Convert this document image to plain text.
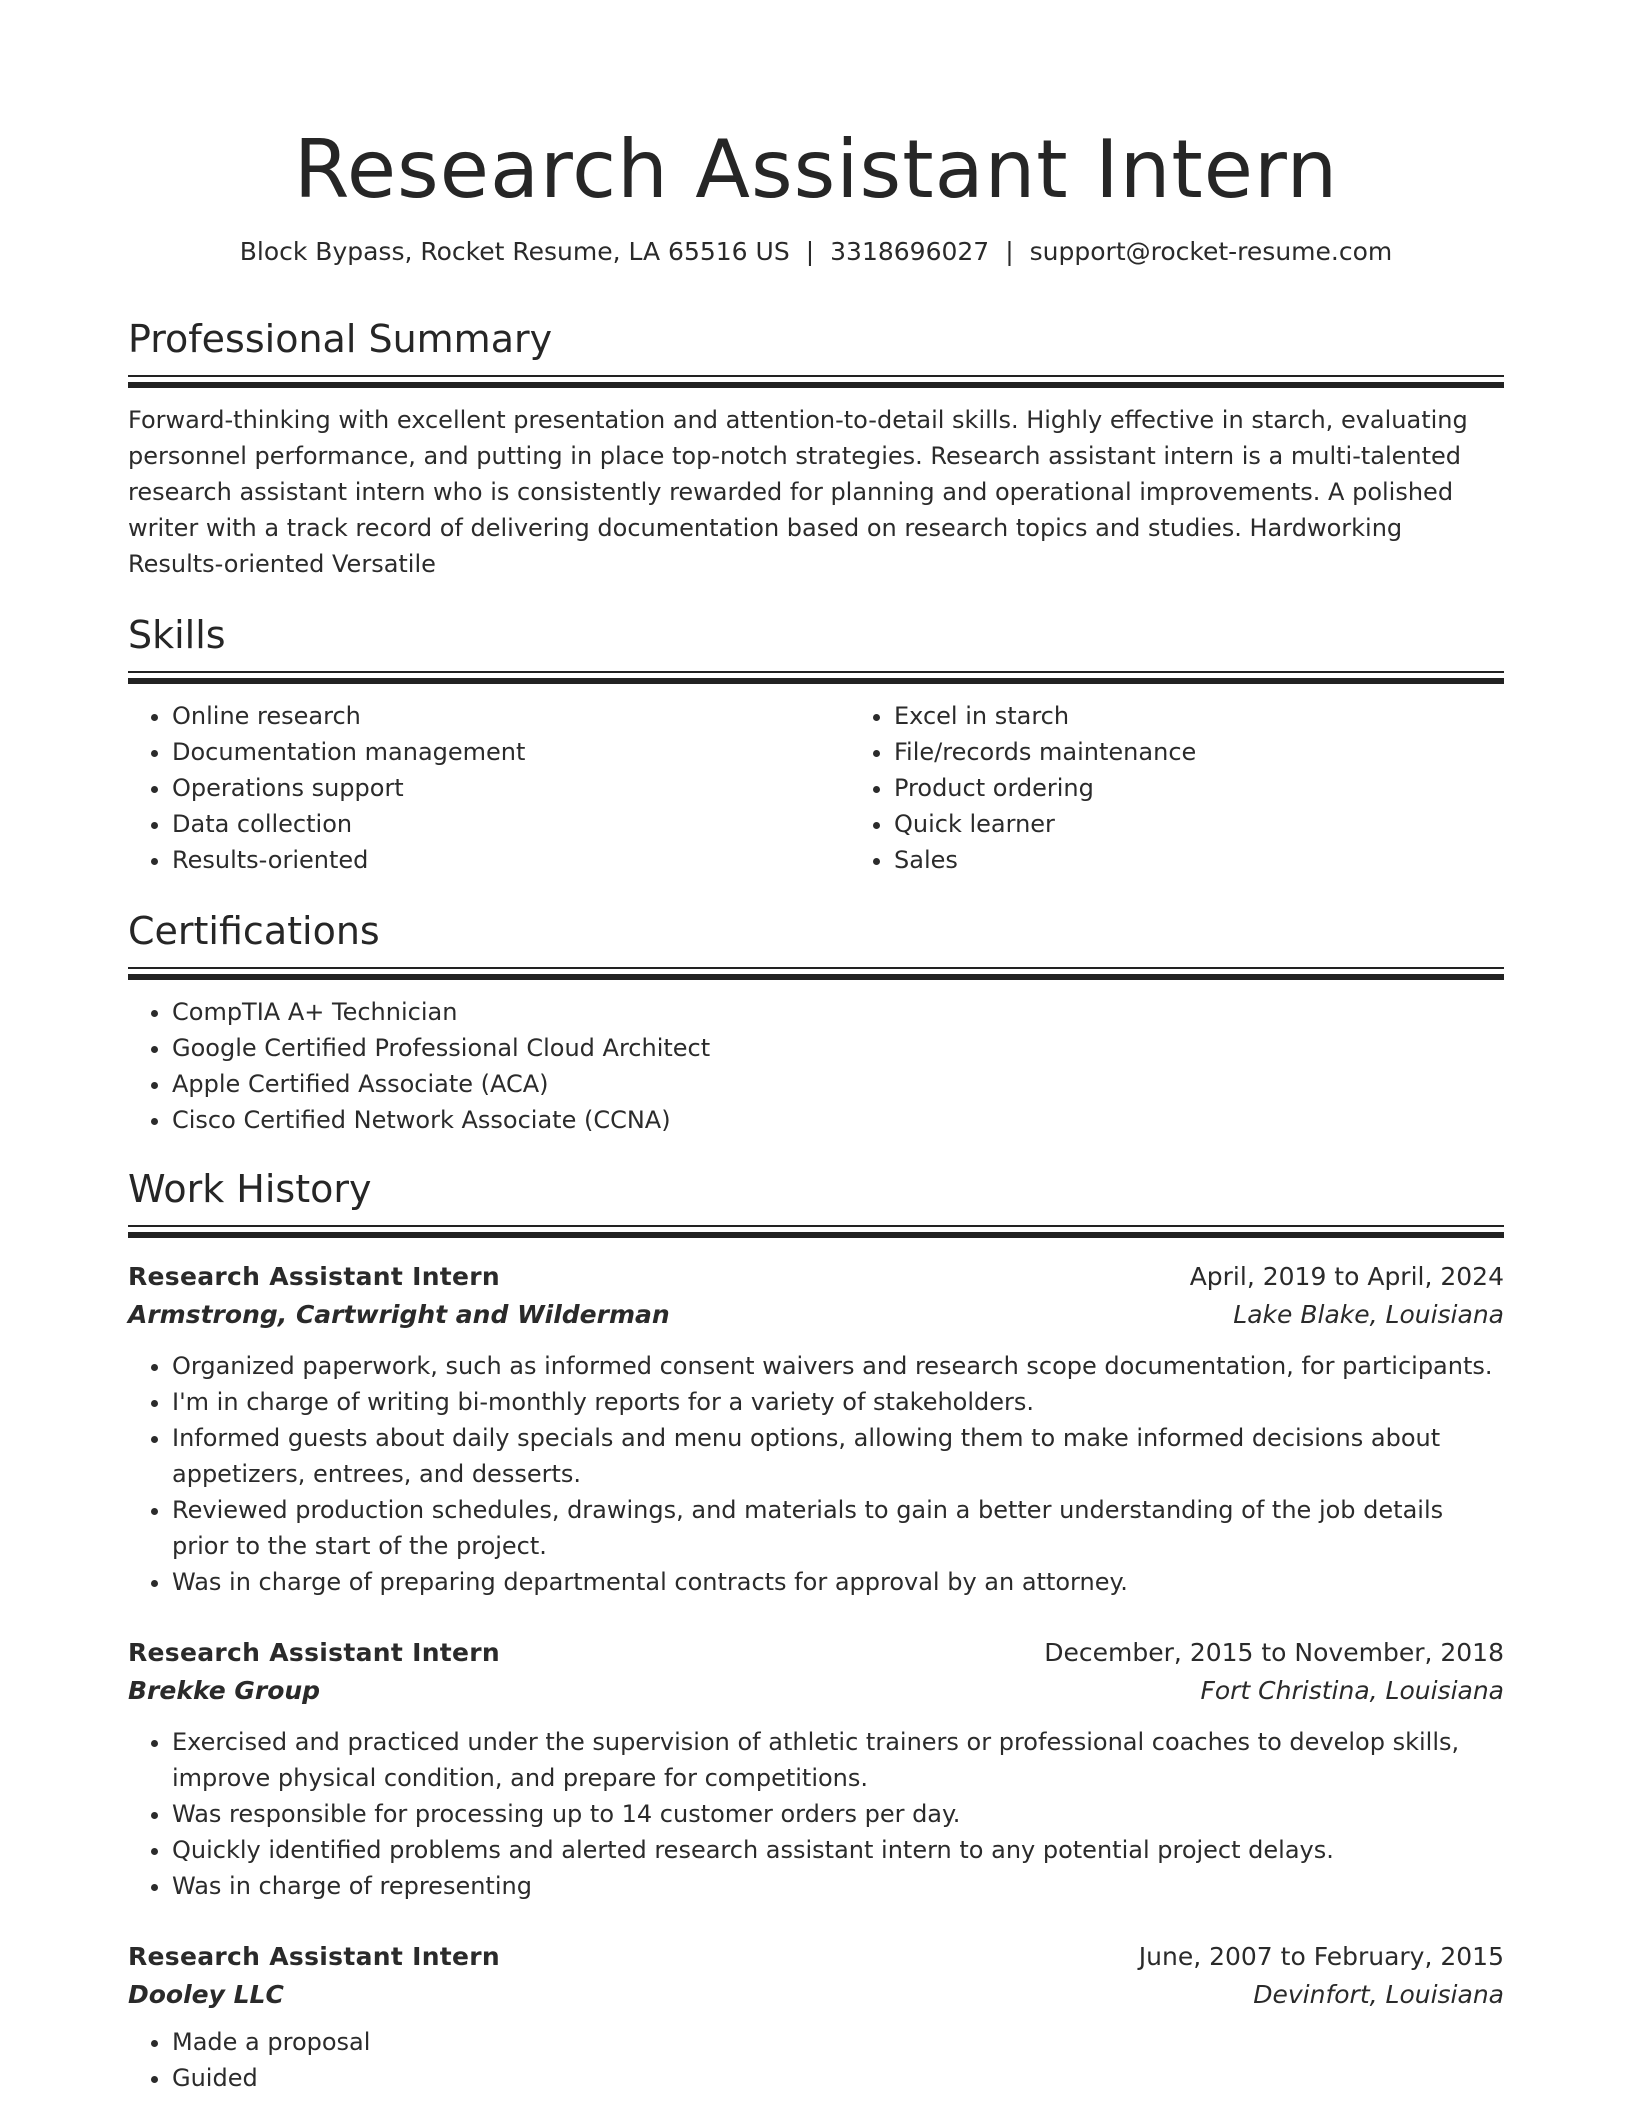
Research Assistant Intern
Block Bypass, Rocket Resume, LA 65516 US | 3318696027 | support@rocket-resume.com
Professional Summary
Forward-thinking with excellent presentation and attention-to-detail skills. Highly effective in starch, evaluating personnel performance, and putting in place top-notch strategies. Research assistant intern is a multi-talented research assistant intern who is consistently rewarded for planning and operational improvements. A polished writer with a track record of delivering documentation based on research topics and studies. Hardworking Results-oriented Versatile
Skills
• Online research
• Documentation management
• Operations support
• Data collection
• Results-oriented
• Excel in starch
• File/records maintenance
• Product ordering
• Quick learner
• Sales
Certifications
• CompTIA A+ Technician
• Google Certified Professional Cloud Architect
• Apple Certified Associate (ACA)
• Cisco Certified Network Associate (CCNA)
Work History
Research Assistant Intern	April, 2019 to April, 2024
Armstrong, Cartwright and Wilderman	Lake Blake, Louisiana
• Organized paperwork, such as informed consent waivers and research scope documentation, for participants.
• I'm in charge of writing bi-monthly reports for a variety of stakeholders.
• Informed guests about daily specials and menu options, allowing them to make informed decisions about appetizers, entrees, and desserts.
• Reviewed production schedules, drawings, and materials to gain a better understanding of the job details prior to the start of the project.
• Was in charge of preparing departmental contracts for approval by an attorney.
Research Assistant Intern	December, 2015 to November, 2018
Brekke Group	Fort Christina, Louisiana
• Exercised and practiced under the supervision of athletic trainers or professional coaches to develop skills, improve physical condition, and prepare for competitions.
• Was responsible for processing up to 14 customer orders per day.
• Quickly identified problems and alerted research assistant intern to any potential project delays.
• Was in charge of representing
Research Assistant Intern	June, 2007 to February, 2015
Dooley LLC	Devinfort, Louisiana
• Made a proposal
• Guided
